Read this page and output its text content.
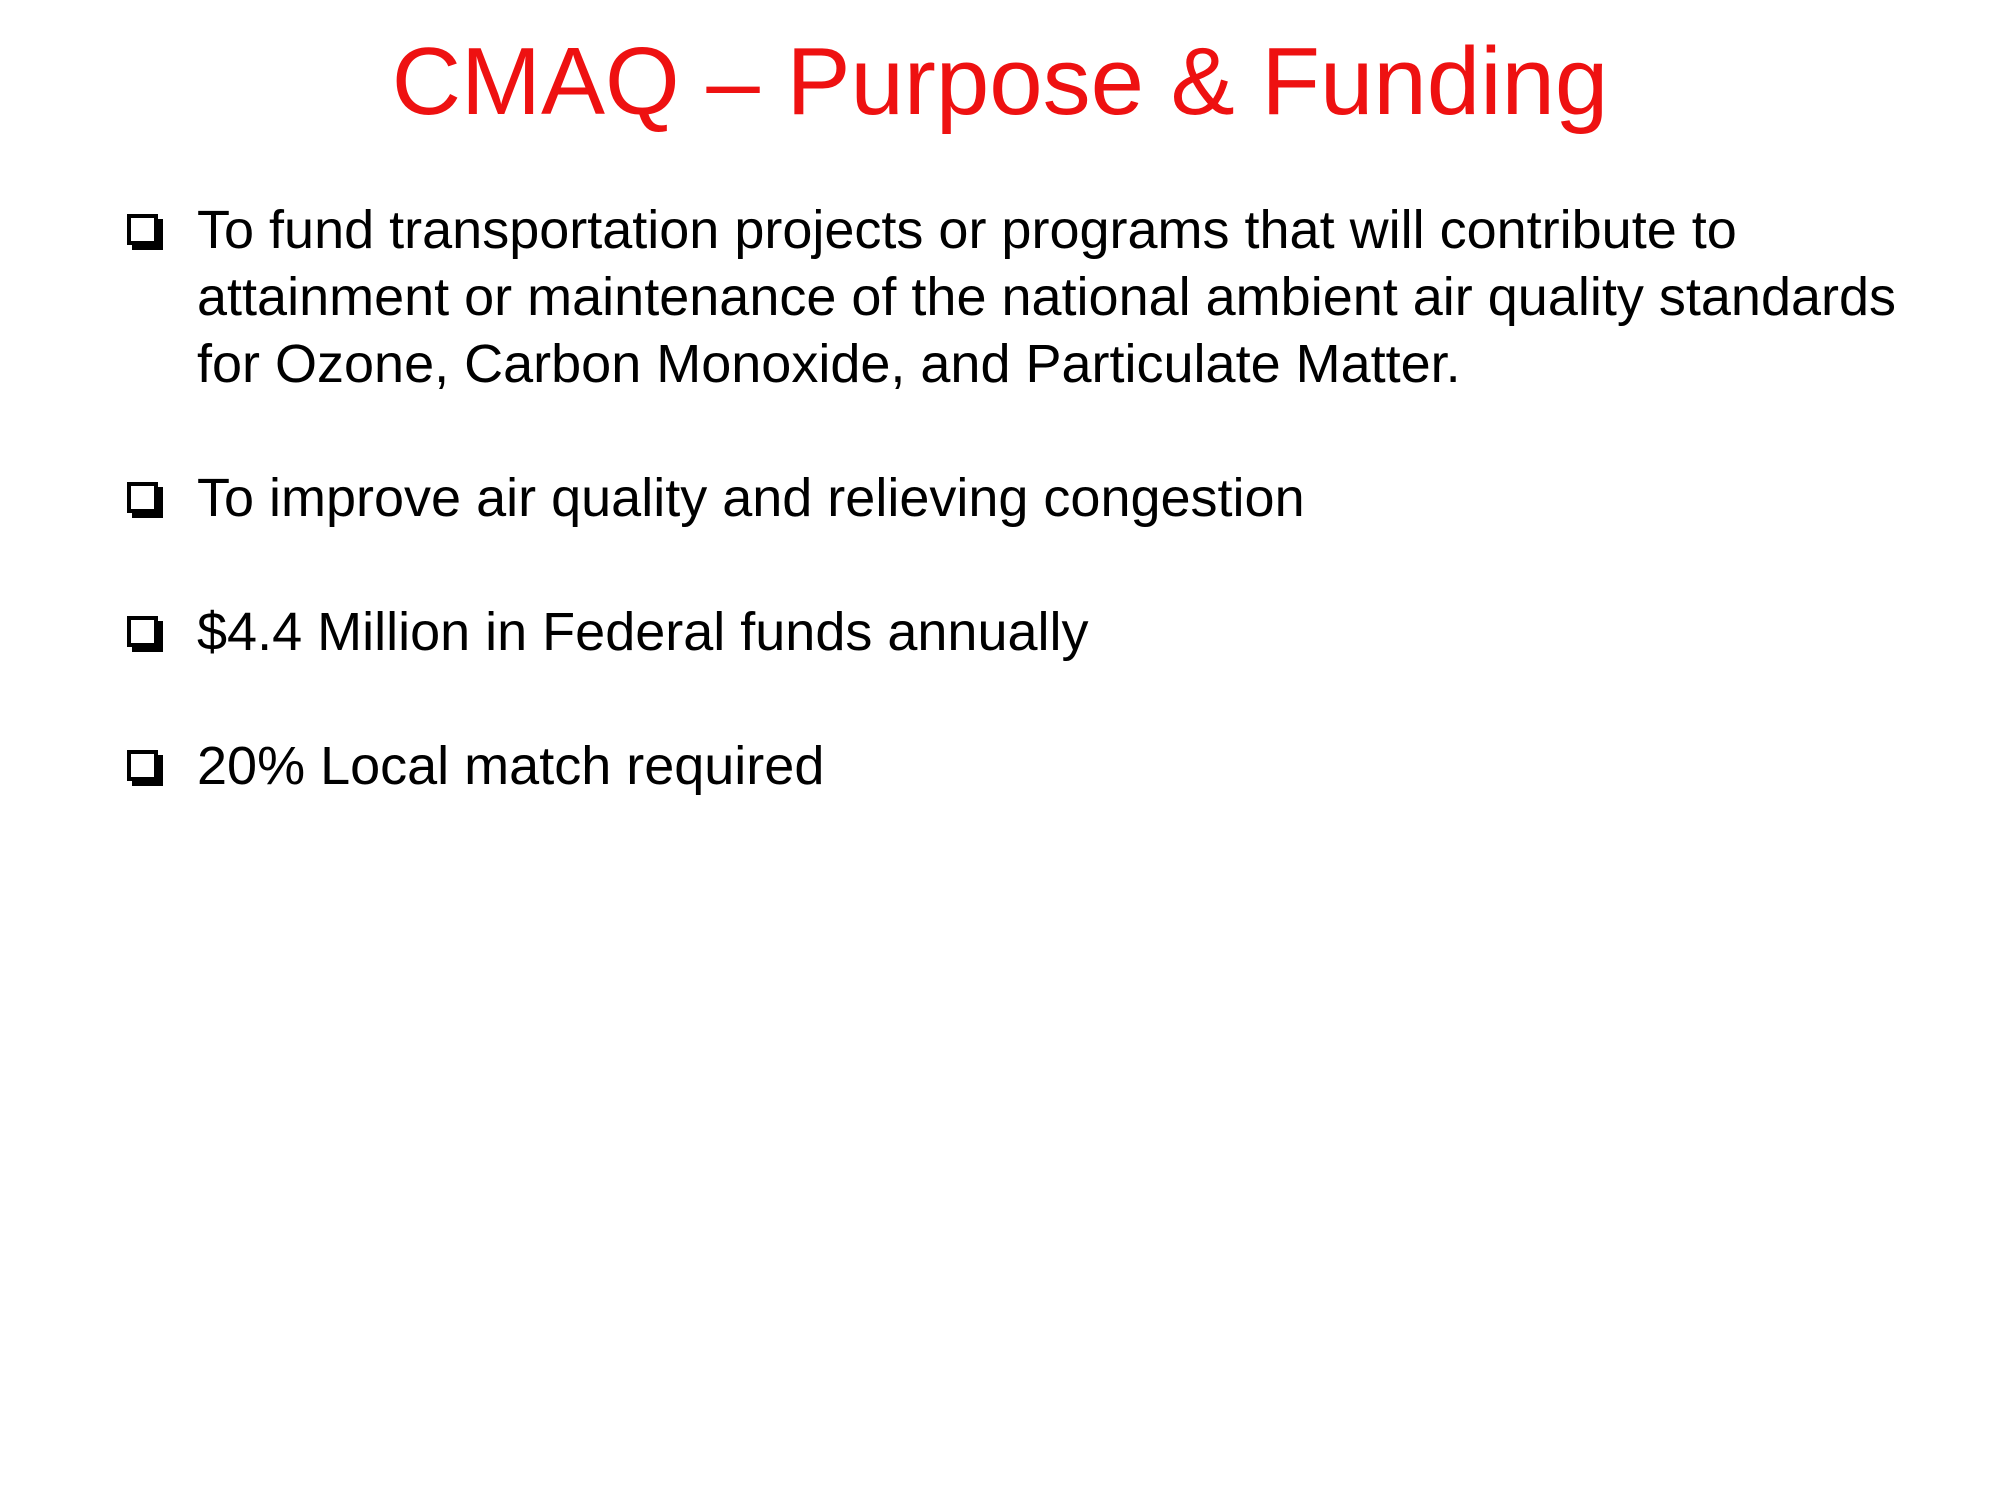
CMAQ – Purpose & Funding
To fund transportation projects or programs that will contribute to attainment or maintenance of the national ambient air quality standards for Ozone, Carbon Monoxide, and Particulate Matter.
To improve air quality and relieving congestion
$4.4 Million in Federal funds annually
20% Local match required
